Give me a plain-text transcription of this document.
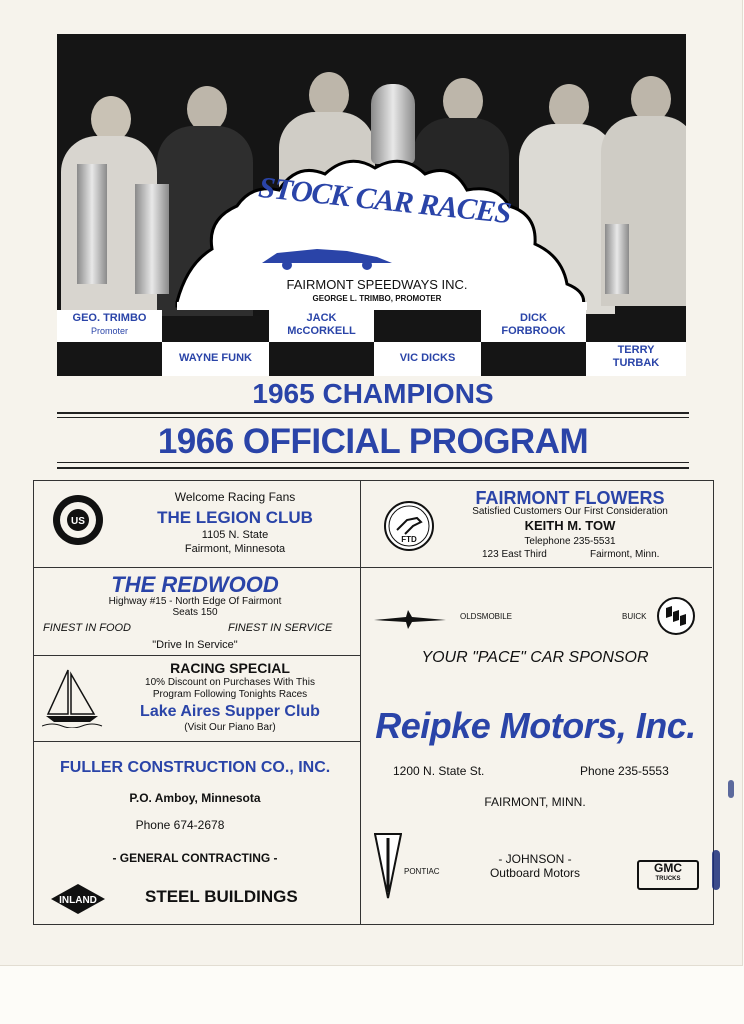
STOCK CAR RACES
FAIRMONT SPEEDWAYS INC.
GEORGE L. TRIMBO, PROMOTER
GEO. TRIMBO
Promoter
WAYNE FUNK
JACK
McCORKELL
VIC DICKS
DICK
FORBROOK
TERRY
TURBAK
1965 CHAMPIONS
1966 OFFICIAL PROGRAM
US
Welcome Racing Fans
THE LEGION CLUB
1105 N. State
Fairmont, Minnesota
FTD
FAIRMONT FLOWERS
Satisfied Customers Our First Consideration
KEITH M. TOW
Telephone 235-5531
123 East Third	Fairmont, Minn.
THE REDWOOD
Highway #15 - North Edge Of Fairmont
Seats 150
FINEST IN FOOD	FINEST IN SERVICE
"Drive In Service"
RACING SPECIAL
10% Discount on Purchases With This
Program Following Tonights Races
Lake Aires Supper Club
(Visit Our Piano Bar)
FULLER CONSTRUCTION CO., INC.
P.O. Amboy, Minnesota
Phone 674-2678
- GENERAL CONTRACTING -
INLAND	STEEL BUILDINGS
OLDSMOBILE	BUICK
YOUR "PACE" CAR SPONSOR
Reipke Motors, Inc.
1200 N. State St.	Phone 235-5553
FAIRMONT, MINN.
PONTIAC
- JOHNSON -
Outboard Motors	GMC
TRUCKS
